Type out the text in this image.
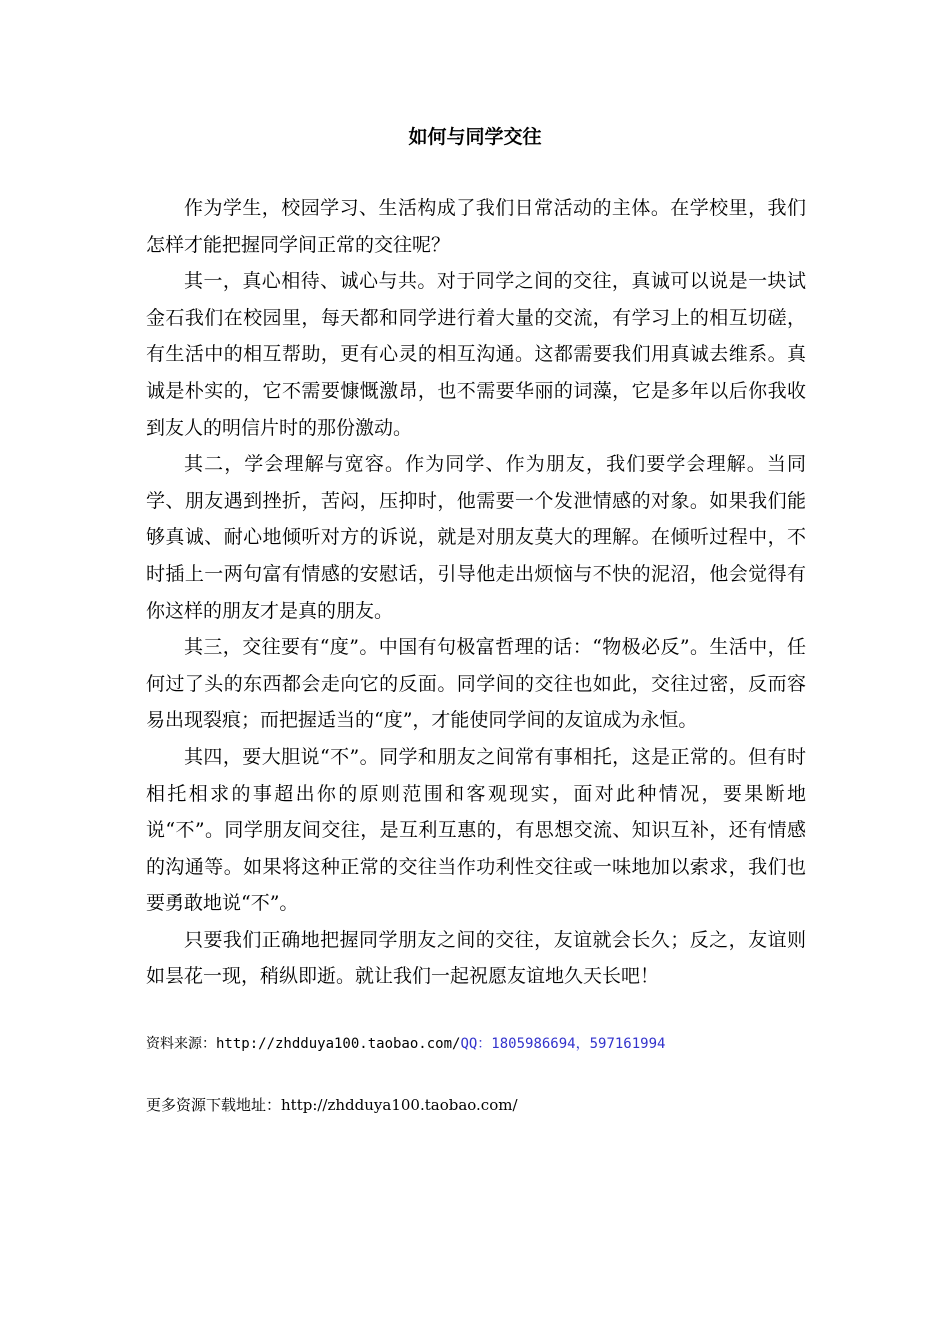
如何与同学交往

作为学生，校园学习、生活构成了我们日常活动的主体。在学校里，我们怎样才能把握同学间正常的交往呢？

其一，真心相待、诚心与共。对于同学之间的交往，真诚可以说是一块试金石我们在校园里，每天都和同学进行着大量的交流，有学习上的相互切磋，有生活中的相互帮助，更有心灵的相互沟通。这都需要我们用真诚去维系。真诚是朴实的，它不需要慷慨激昂，也不需要华丽的词藻，它是多年以后你我收到友人的明信片时的那份激动。

其二，学会理解与宽容。作为同学、作为朋友，我们要学会理解。当同学、朋友遇到挫折，苦闷，压抑时，他需要一个发泄情感的对象。如果我们能够真诚、耐心地倾听对方的诉说，就是对朋友莫大的理解。在倾听过程中，不时插上一两句富有情感的安慰话，引导他走出烦恼与不快的泥沼，他会觉得有你这样的朋友才是真的朋友。

其三，交往要有“度”。中国有句极富哲理的话：“物极必反”。生活中，任何过了头的东西都会走向它的反面。同学间的交往也如此，交往过密，反而容易出现裂痕；而把握适当的“度”，才能使同学间的友谊成为永恒。

其四，要大胆说“不”。同学和朋友之间常有事相托，这是正常的。但有时相托相求的事超出你的原则范围和客观现实，面对此种情况，要果断地说“不”。同学朋友间交往，是互利互惠的，有思想交流、知识互补，还有情感的沟通等。如果将这种正常的交往当作功利性交往或一味地加以索求，我们也要勇敢地说“不”。

只要我们正确地把握同学朋友之间的交往，友谊就会长久；反之，友谊则如昙花一现，稍纵即逝。就让我们一起祝愿友谊地久天长吧！

资料来源：http://zhdduya100.taobao.com/QQ：1805986694，597161994
更多资源下载地址：http://zhdduya100.taobao.com/
